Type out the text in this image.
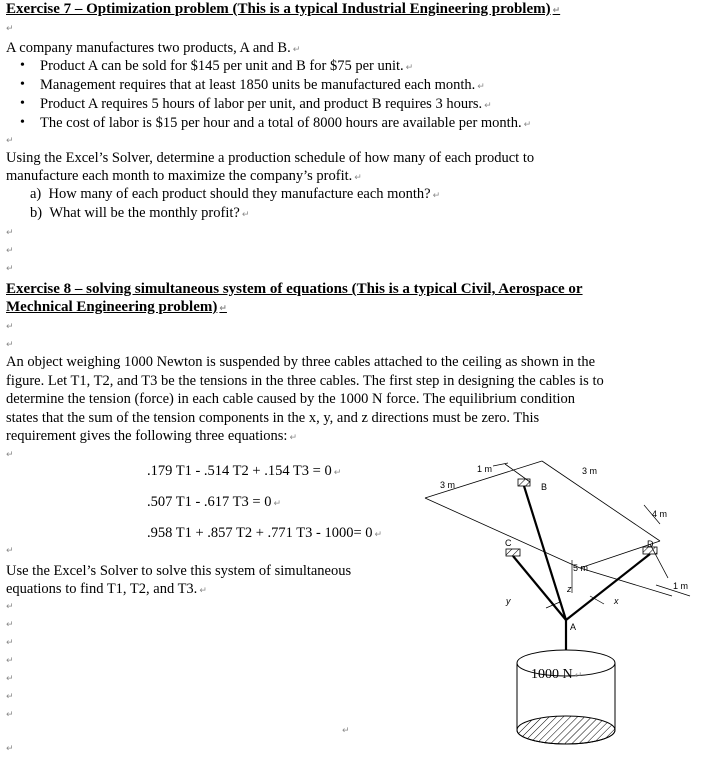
Exercise 7 – Optimization problem (This is a typical Industrial Engineering problem) ↵
↵
A company manufactures two products, A and B. ↵
• Product A can be sold for $145 per unit and B for $75 per unit. ↵
• Management requires that at least 1850 units be manufactured each month. ↵
• Product A requires 5 hours of labor per unit, and product B requires 3 hours. ↵
• The cost of labor is $15 per hour and a total of 8000 hours are available per month. ↵
↵
Using the Excel’s Solver, determine a production schedule of how many of each product to
manufacture each month to maximize the company’s profit. ↵
a) How many of each product should they manufacture each month? ↵
b) What will be the monthly profit? ↵
↵
↵
↵
Exercise 8 – solving simultaneous system of equations (This is a typical Civil, Aerospace or
Mechnical Engineering problem) ↵
↵
↵
An object weighing 1000 Newton is suspended by three cables attached to the ceiling as shown in the
figure. Let T1, T2, and T3 be the tensions in the three cables. The first step in designing the cables is to
determine the tension (force) in each cable caused by the 1000 N force. The equilibrium condition
states that the sum of the tension components in the x, y, and z directions must be zero. This
requirement gives the following three equations: ↵
↵
.179 T1 - .514 T2 + .154 T3 = 0 ↵
.507 T1 - .617 T3 = 0 ↵
.958 T1 + .857 T2 + .771 T3 - 1000= 0 ↵
↵
Use the Excel’s Solver to solve this system of simultaneous
equations to find T1, T2, and T3. ↵
↵
↵
↵
↵
↵
↵
↵
↵
↵
1 m
3 m
3 m
4 m
1 m
5 m
B
C	D
A
x
y
z
1000 N ↵
